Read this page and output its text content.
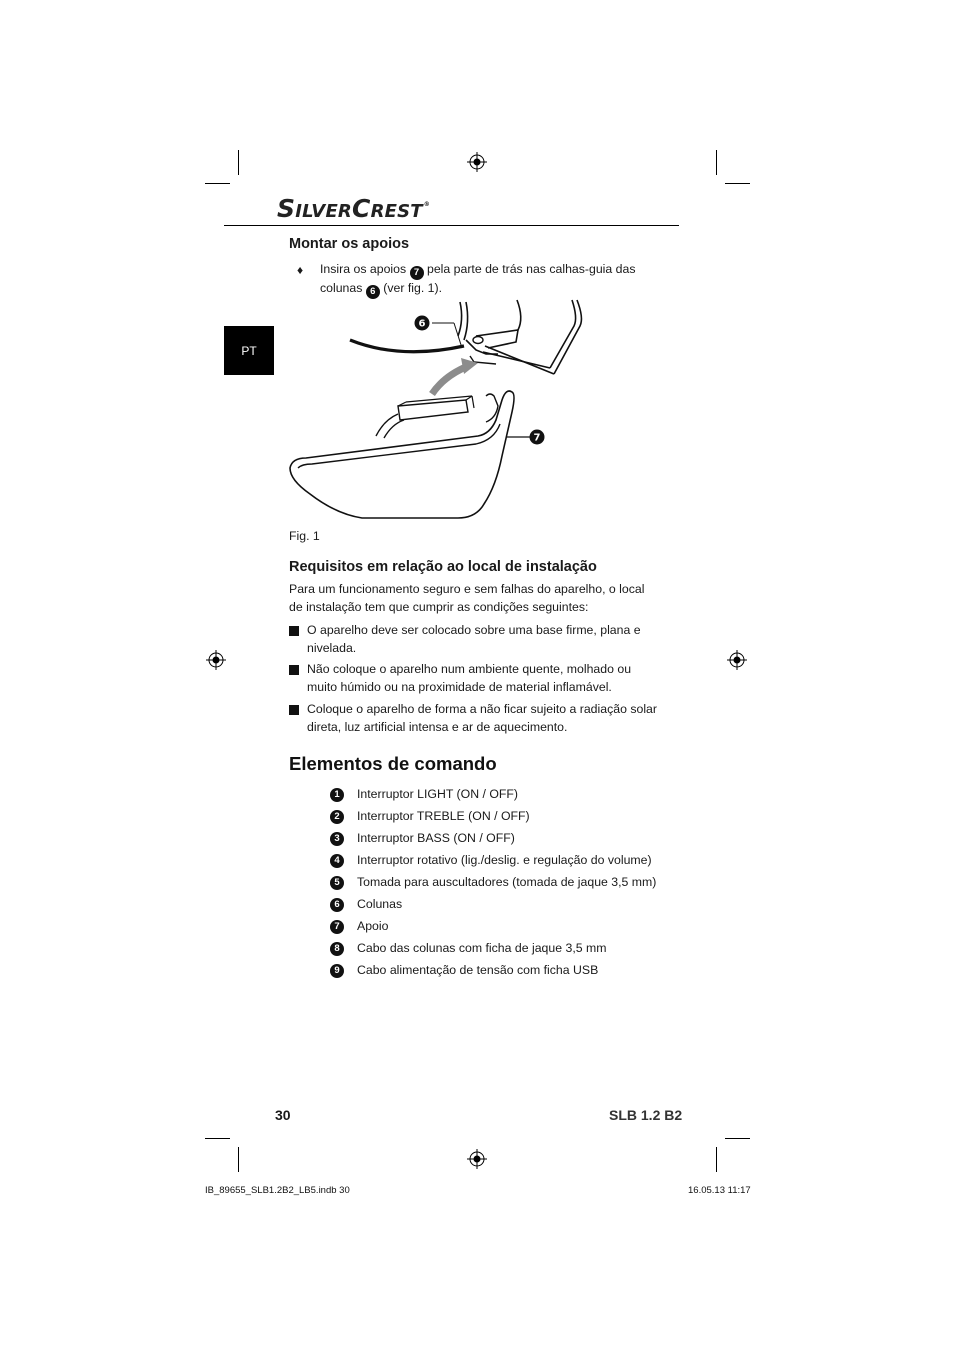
SILVERCREST®
PT
Montar os apoios
♦ Insira os apoios 7 pela parte de trás nas calhas-guia das colunas 6 (ver fig. 1).
6
7
Fig. 1
Requisitos em relação ao local de instalação
Para um funcionamento seguro e sem falhas do aparelho, o local de instalação tem que cumprir as condições seguintes:
O aparelho deve ser colocado sobre uma base firme, plana e nivelada.
Não coloque o aparelho num ambiente quente, molhado ou muito húmido ou na proximidade de material inflamável.
Coloque o aparelho de forma a não ficar sujeito a radiação solar direta, luz artificial intensa e ar de aquecimento.
Elementos de comando
1	Interruptor LIGHT (ON / OFF)
2	Interruptor TREBLE (ON / OFF)
3	Interruptor BASS (ON / OFF)
4	Interruptor rotativo (lig./deslig. e regulação do volume)
5	Tomada para auscultadores (tomada de jaque 3,5 mm)
6	Colunas
7	Apoio
8	Cabo das colunas com ficha de jaque 3,5 mm
9	Cabo alimentação de tensão com ficha USB
30	SLB 1.2 B2
IB_89655_SLB1.2B2_LB5.indb 30	16.05.13 11:17
